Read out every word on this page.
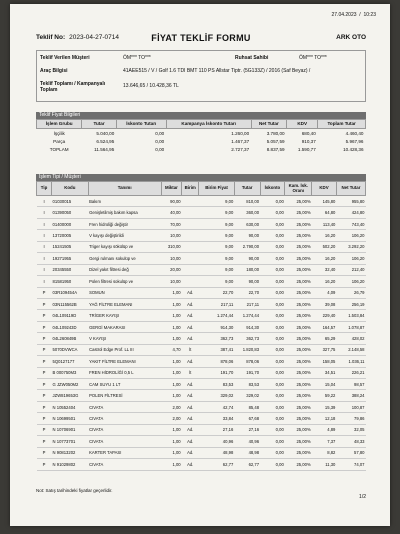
27.04.2023  /  10:23
Teklif No: 2023-04-27-0714	FİYAT TEKLİF FORMU	ARK OTO
Teklif Verilen Müşteri	ÖM*** TO***	Ruhsat Sahibi	ÖM*** TO***
Araç Bilgisi	41AEE515 / V / Golf 1.6 TDI BMT 110 PS Allstar Tiptr. (5G133Z) / 2016 (Saf Beyaz) /
Teklif Toplamı / Kampanyalı Toplam
13.646,65 / 10.428,36 TL
Teklif Fiyat Bilgileri
İşlem Grubu	Tutar	İskonto Tutarı	Kampanya İskonto Tutarı	Net Tutar	KDV	Toplam Tutar
İşçilik	5.040,00	0,00	1.260,00	3.780,00	680,40	4.460,40
Parça	6.524,95	0,00	1.467,37	5.057,59	910,37	5.967,96
TOPLAM	11.564,95	0,00	2.727,37	8.837,59	1.590,77	10.428,36
İşlem Tipi / Müşteri
Tip	Kodu	Tanımı	Miktar	Birim	Birim Fiyat	Tutar	İskonto	Kam. İsk. Oranı	KDV	Net Tutar
I	01030015	Bakım	90,00		9,00	810,00	0,00	25,00%	145,80	955,80
I	01390050	Genişletilmiş bakım kapsa	40,00		9,00	360,00	0,00	25,00%	64,80	424,80
I	01400000	Fren hidroliği değiştir	70,00		9,00	630,00	0,00	25,00%	113,40	743,40
I	13720005	V kayışı değiştirildi	10,00		9,00	90,00	0,00	25,00%	16,20	106,20
I	15241505	Triger kayışı sökülüp ve	310,00		9,00	2.790,00	0,00	25,00%	502,20	3.292,20
I	19271955	Gergi rulmanı sokulüp ve	10,00		9,00	90,00	0,00	25,00%	16,20	106,20
I	20345550	Dizel yakıt filtresi değ	20,00		9,00	180,00	0,00	25,00%	32,40	212,40
I	81581950	Polen filtresi sokulüp ve	10,00		9,00	90,00	0,00	25,00%	16,20	106,20
P	03R109454A	SOMUN	1,00	Ad.	22,70	22,70	0,00	25,00%	4,09	26,79
P	03N115562B	YAĞ FİLTRE ELEMANI	1,00	Ad.	217,11	217,11	0,00	25,00%	39,08	256,19
P	04L109119D	TRİGER KAYIŞI	1,00	Ad.	1.274,44	1.274,44	0,00	25,00%	229,40	1.503,84
P	04L109243D	GERGİ MAKARASI	1,00	Ad.	914,30	914,30	0,00	25,00%	164,57	1.078,87
P	04L260849B	V KAYIŞI	1,00	Ad.	362,73	362,73	0,00	25,00%	65,29	428,02
P	5070DVWCA	Castrol Edge Prof. LL III	4,70	lt	387,41	1.820,83	0,00	25,00%	327,75	2.148,58
P	5Q0127177	YAKIT FİLTRE ELEMANI	1,00	Ad.	878,06	878,06	0,00	25,00%	158,05	1.036,11
P	B 000750M3	FREN HİDROLİĞİ 0,5 L	1,00	lt	191,70	191,70	0,00	25,00%	34,51	226,21
P	G JZW050M2	CAM SUYU 1 LT	1,00	Ad.	83,53	83,53	0,00	25,00%	15,04	98,57
P	JZW819653G	POLEN FİLTRESİ	1,00	Ad.	329,02	329,02	0,00	25,00%	59,22	388,24
P	N 10552404	CIVATA	2,00	Ad.	42,74	85,48	0,00	25,00%	15,39	100,87
P	N 10699501	CIVATA	2,00	Ad.	33,84	67,68	0,00	25,00%	12,18	79,86
P	N 10706901	CIVATA	1,00	Ad.	27,16	27,16	0,00	25,00%	4,89	32,05
P	N 10773701	CIVATA	1,00	Ad.	40,96	40,96	0,00	25,00%	7,37	48,33
P	N 90813202	KARTER TAPASI	1,00	Ad.	48,98	48,98	0,00	25,00%	8,82	57,80
P	N 91029802	CIVATA	1,00	Ad.	62,77	62,77	0,00	25,00%	11,30	74,07
Not: Satış tarihindeki fiyatlar geçerlidir.
1/2
